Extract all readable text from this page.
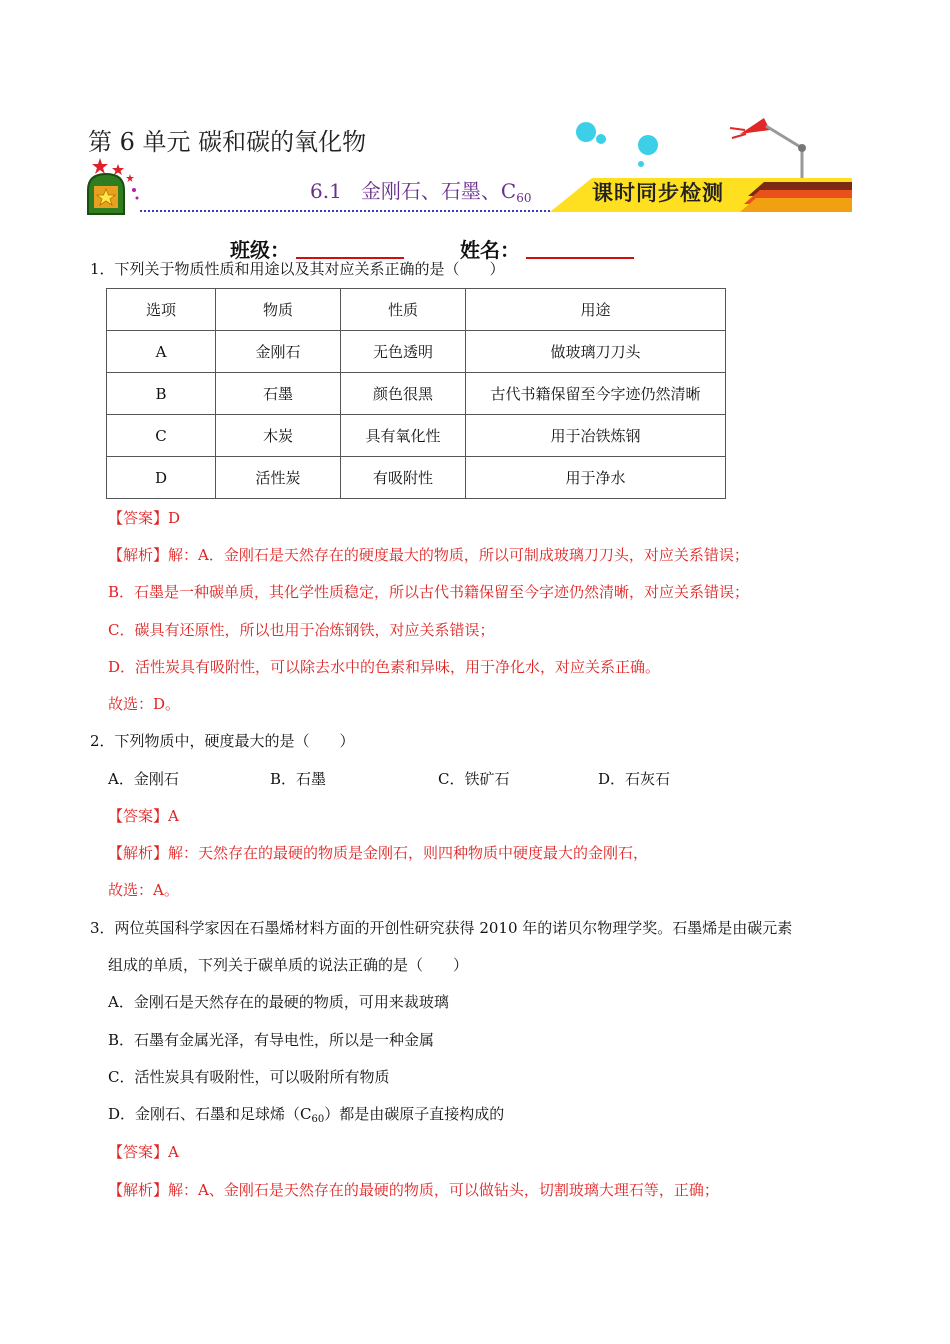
第 6 单元 碳和碳的氧化物
6.1 金刚石、石墨、$C_{60}$	课时同步检测
班级：	姓名：
1．下列关于物质性质和用途以及其对应关系正确的是（　　）
选项	物质	性质	用途
A	金刚石	无色透明	做玻璃刀刀头
B	石墨	颜色很黑	古代书籍保留至今字迹仍然清晰
C	木炭	具有氧化性	用于冶铁炼钢
D	活性炭	有吸附性	用于净水
【答案】D
【解析】解：A．金刚石是天然存在的硬度最大的物质，所以可制成玻璃刀刀头，对应关系错误；
B．石墨是一种碳单质，其化学性质稳定，所以古代书籍保留至今字迹仍然清晰，对应关系错误；
C．碳具有还原性，所以也用于冶炼钢铁，对应关系错误；
D．活性炭具有吸附性，可以除去水中的色素和异味，用于净化水，对应关系正确。
故选：D。
2．下列物质中，硬度最大的是（　　）
A．金刚石	B．石墨	C．铁矿石	D．石灰石
【答案】A
【解析】解：天然存在的最硬的物质是金刚石，则四种物质中硬度最大的金刚石，
故选：A。
3．两位英国科学家因在石墨烯材料方面的开创性研究获得 2010 年的诺贝尔物理学奖。石墨烯是由碳元素
组成的单质，下列关于碳单质的说法正确的是（　　）
A．金刚石是天然存在的最硬的物质，可用来裁玻璃
B．石墨有金属光泽，有导电性，所以是一种金属
C．活性炭具有吸附性，可以吸附所有物质
D．金刚石、石墨和足球烯$(C_{60})$都是由碳原子直接构成的
【答案】A
【解析】解：A、金刚石是天然存在的最硬的物质，可以做钻头，切割玻璃大理石等，正确；
